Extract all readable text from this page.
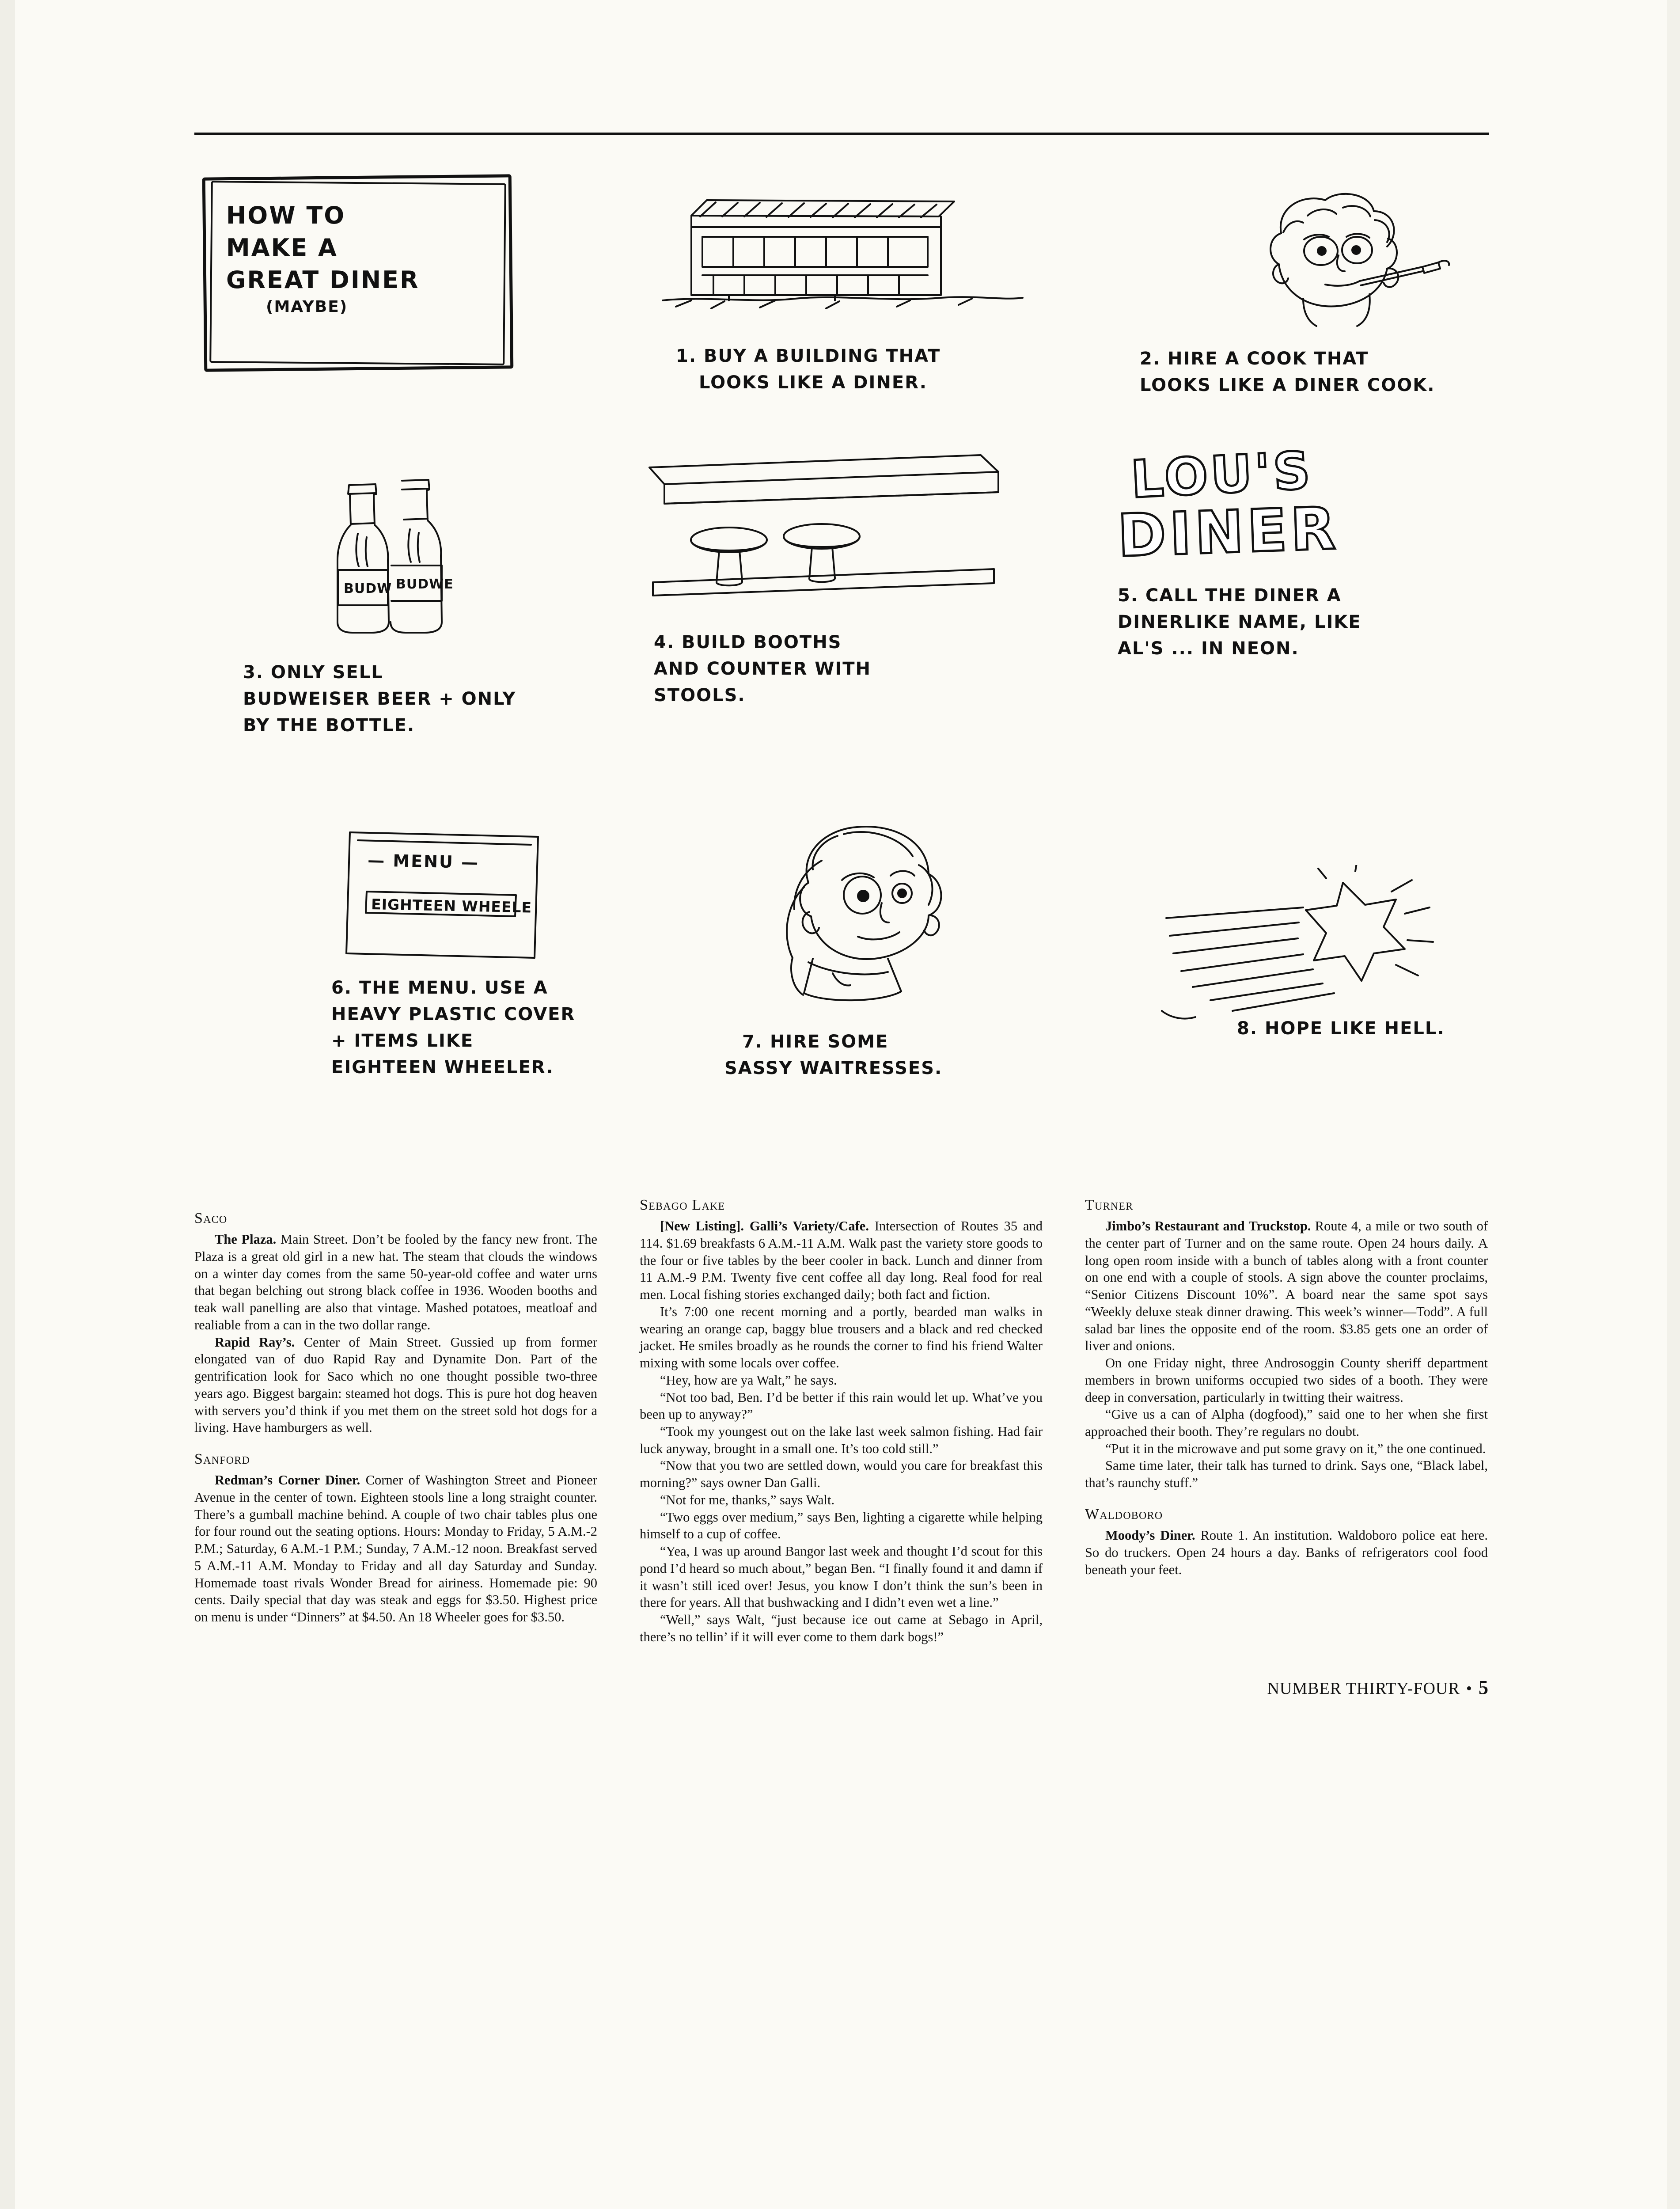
HOW TO
MAKE A
GREAT DINER
(MAYBE)
1. BUY A BUILDING THAT
LOOKS LIKE A DINER.
2. HIRE A COOK THAT
LOOKS LIKE A DINER COOK.
BUDW BUDWE
3. ONLY SELL
BUDWEISER BEER + ONLY
BY THE BOTTLE.
4. BUILD BOOTHS
AND COUNTER WITH
STOOLS.
LOU'S
DINER
5. CALL THE DINER A
DINERLIKE NAME, LIKE
AL'S ... IN NEON.
— MENU —
EIGHTEEN WHEELE
6. THE MENU. USE A
HEAVY PLASTIC COVER
+ ITEMS LIKE
EIGHTEEN WHEELER.
7. HIRE SOME
SASSY WAITRESSES.
8. HOPE LIKE HELL.
Saco

The Plaza. Main Street. Don’t be fooled by the fancy new front. The Plaza is a great old girl in a new hat. The steam that clouds the windows on a winter day comes from the same 50-year-old coffee and water urns that began belching out strong black coffee in 1936. Wooden booths and teak wall panelling are also that vintage. Mashed potatoes, meatloaf and realiable from a can in the two dollar range.

Rapid Ray’s. Center of Main Street. Gussied up from former elongated van of duo Rapid Ray and Dynamite Don. Part of the gentrification look for Saco which no one thought possible two-three years ago. Biggest bargain: steamed hot dogs. This is pure hot dog heaven with servers you’d think if you met them on the street sold hot dogs for a living. Have hamburgers as well.

Sanford

Redman’s Corner Diner. Corner of Washington Street and Pioneer Avenue in the center of town. Eighteen stools line a long straight counter. There’s a gumball machine behind. A couple of two chair tables plus one for four round out the seating options. Hours: Monday to Friday, 5 A.M.-2 P.M.; Saturday, 6 A.M.-1 P.M.; Sunday, 7 A.M.-12 noon. Breakfast served 5 A.M.-11 A.M. Monday to Friday and all day Saturday and Sunday. Homemade toast rivals Wonder Bread for airiness. Homemade pie: 90 cents. Daily special that day was steak and eggs for $3.50. Highest price on menu is under “Dinners” at $4.50. An 18 Wheeler goes for $3.50.

Sebago Lake

[New Listing]. Galli’s Variety/Cafe. Intersection of Routes 35 and 114. $1.69 breakfasts 6 A.M.-11 A.M. Walk past the variety store goods to the four or five tables by the beer cooler in back. Lunch and dinner from 11 A.M.-9 P.M. Twenty five cent coffee all day long. Real food for real men. Local fishing stories exchanged daily; both fact and fiction.

It’s 7:00 one recent morning and a portly, bearded man walks in wearing an orange cap, baggy blue trousers and a black and red checked jacket. He smiles broadly as he rounds the corner to find his friend Walter mixing with some locals over coffee.

“Hey, how are ya Walt,” he says.

“Not too bad, Ben. I’d be better if this rain would let up. What’ve you been up to anyway?”

“Took my youngest out on the lake last week salmon fishing. Had fair luck anyway, brought in a small one. It’s too cold still.”

“Now that you two are settled down, would you care for breakfast this morning?” says owner Dan Galli.

“Not for me, thanks,” says Walt.

“Two eggs over medium,” says Ben, lighting a cigarette while helping himself to a cup of coffee.

“Yea, I was up around Bangor last week and thought I’d scout for this pond I’d heard so much about,” began Ben. “I finally found it and damn if it wasn’t still iced over! Jesus, you know I don’t think the sun’s been in there for years. All that bushwacking and I didn’t even wet a line.”

“Well,” says Walt, “just because ice out came at Sebago in April, there’s no tellin’ if it will ever come to them dark bogs!”

Turner

Jimbo’s Restaurant and Truckstop. Route 4, a mile or two south of the center part of Turner and on the same route. Open 24 hours daily. A long open room inside with a bunch of tables along with a front counter on one end with a couple of stools. A sign above the counter proclaims, “Senior Citizens Discount 10%”. A board near the same spot says “Weekly deluxe steak dinner drawing. This week’s winner—Todd”. A full salad bar lines the opposite end of the room. $3.85 gets one an order of liver and onions.

On one Friday night, three Androsoggin County sheriff department members in brown uniforms occupied two sides of a booth. They were deep in conversation, particularly in twitting their waitress.

“Give us a can of Alpha (dogfood),” said one to her when she first approached their booth. They’re regulars no doubt.

“Put it in the microwave and put some gravy on it,” the one continued.

Same time later, their talk has turned to drink. Says one, “Black label, that’s raunchy stuff.”

Waldoboro

Moody’s Diner. Route 1. An institution. Waldoboro police eat here. So do truckers. Open 24 hours a day. Banks of refrigerators cool food beneath your feet.

NUMBER THIRTY-FOUR • 5
